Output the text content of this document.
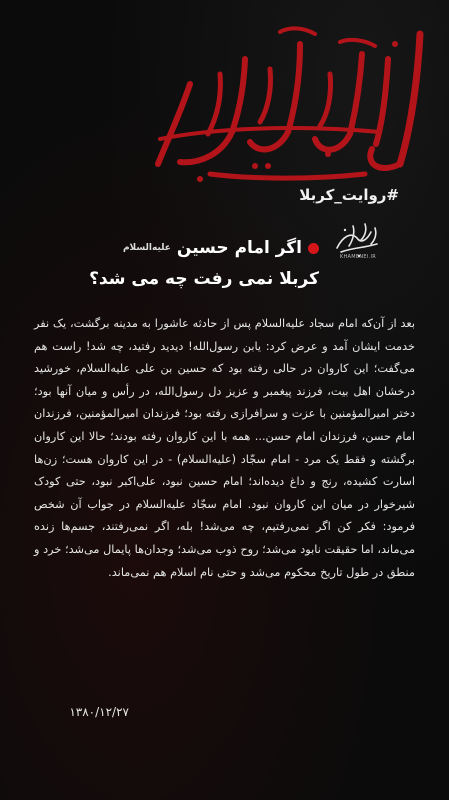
#روایت_کربلا
KHAMENEI.IR
اگر امام حسین $^{علیه‌السلام}$
کربلا نمی رفت چه می شد؟
بعد از آن‌که امام سجاد علیه‌السلام پس از حادثه عاشورا به مدینه برگشت، یک نفر خدمت ایشان آمد و عرض کرد: یابن رسول‌الله! دیدید رفتید، چه شد! راست هم می‌گفت؛ این کاروان در حالی رفته بود که حسین بن علی علیه‌السلام، خورشید درخشان اهل بیت، فرزند پیغمبر و عزیز دل رسول‌الله، در رأس و میان آنها بود؛ دختر امیرالمؤمنین با عزت و سرافرازی رفته بود؛ فرزندان امیرالمؤمنین، فرزندان امام حسن، فرزندان امام حسن... همه با این کاروان رفته بودند؛ حالا این کاروان برگشته و فقط یک مرد - امام سجّاد (علیه‌السلام) - در این کاروان هست؛ زن‌ها اسارت کشیده، رنج و داغ دیده‌اند؛ امام حسین نبود، علی‌اکبر نبود، حتی کودک شیرخوار در میان این کاروان نبود. امام سجّاد علیه‌السلام در جواب آن شخص فرمود: فکر کن اگر نمی‌رفتیم، چه می‌شد! بله، اگر نمی‌رفتند، جسم‌ها زنده می‌ماند، اما حقیقت نابود می‌شد؛ روح ذوب می‌شد؛ وجدان‌ها پایمال می‌شد؛ خرد و منطق در طول تاریخ محکوم می‌شد و حتی نام اسلام هم نمی‌ماند.
۱۳۸۰/۱۲/۲۷
